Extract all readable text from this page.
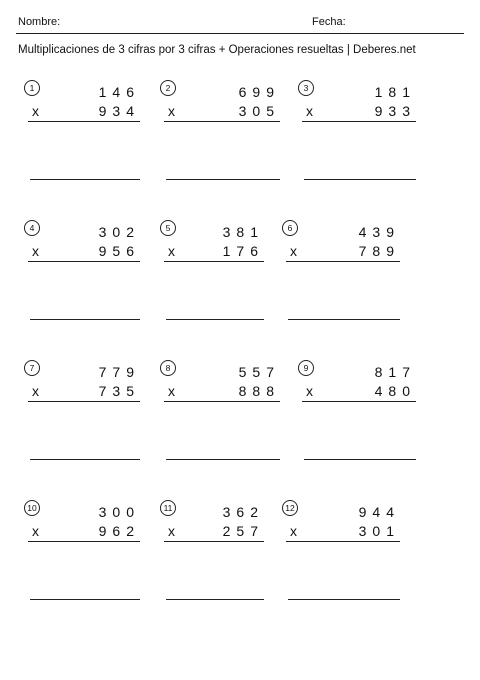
Nombre:	Fecha:
Multiplicaciones de 3 cifras por 3 cifras + Operaciones resueltas | Deberes.net
1	146
x	934
2	699
x	305
3	181
x	933
4	302
x	956
5	381
x	176
6	439
x	789
7	779
x	735
8	557
x	888
9	817
x	480
10	300
x	962
11	362
x	257
12	944
x	301
